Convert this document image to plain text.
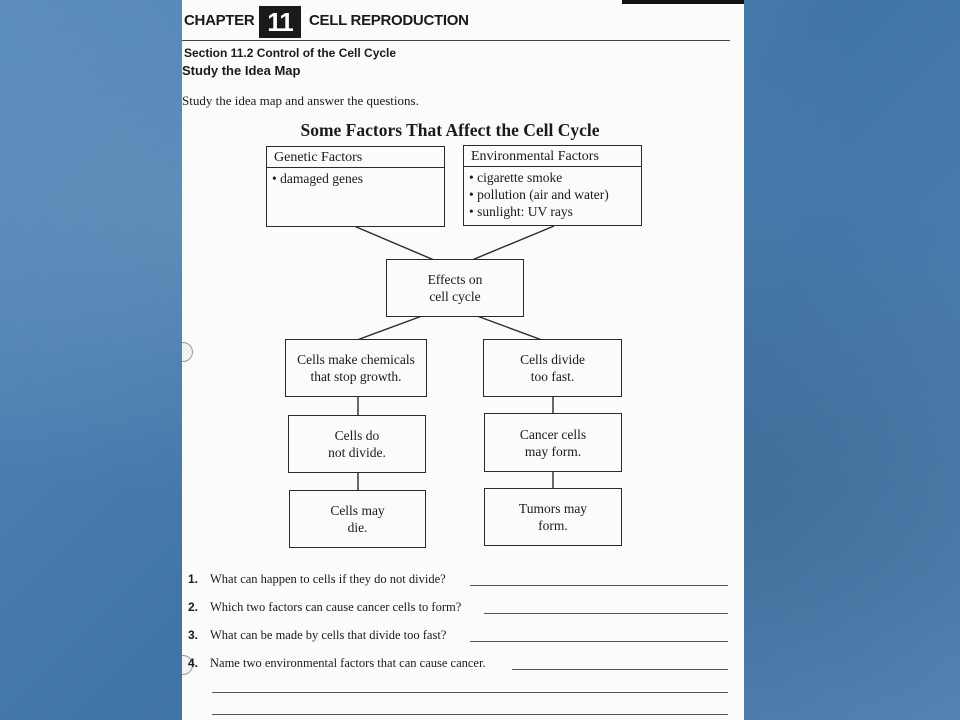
CHAPTER 11	CELL REPRODUCTION
Section 11.2 Control of the Cell Cycle
Study the Idea Map
Study the idea map and answer the questions.
Some Factors That Affect the Cell Cycle
Genetic Factors
• damaged genes
Environmental Factors
• cigarette smoke
• pollution (air and water)
• sunlight: UV rays
Effects on
cell cycle
Cells make chemicals
that stop growth.
Cells do
not divide.
Cells may
die.
Cells divide
too fast.
Cancer cells
may form.
Tumors may
form.
1. What can happen to cells if they do not divide?
2. Which two factors can cause cancer cells to form?
3. What can be made by cells that divide too fast?
4. Name two environmental factors that can cause cancer.
